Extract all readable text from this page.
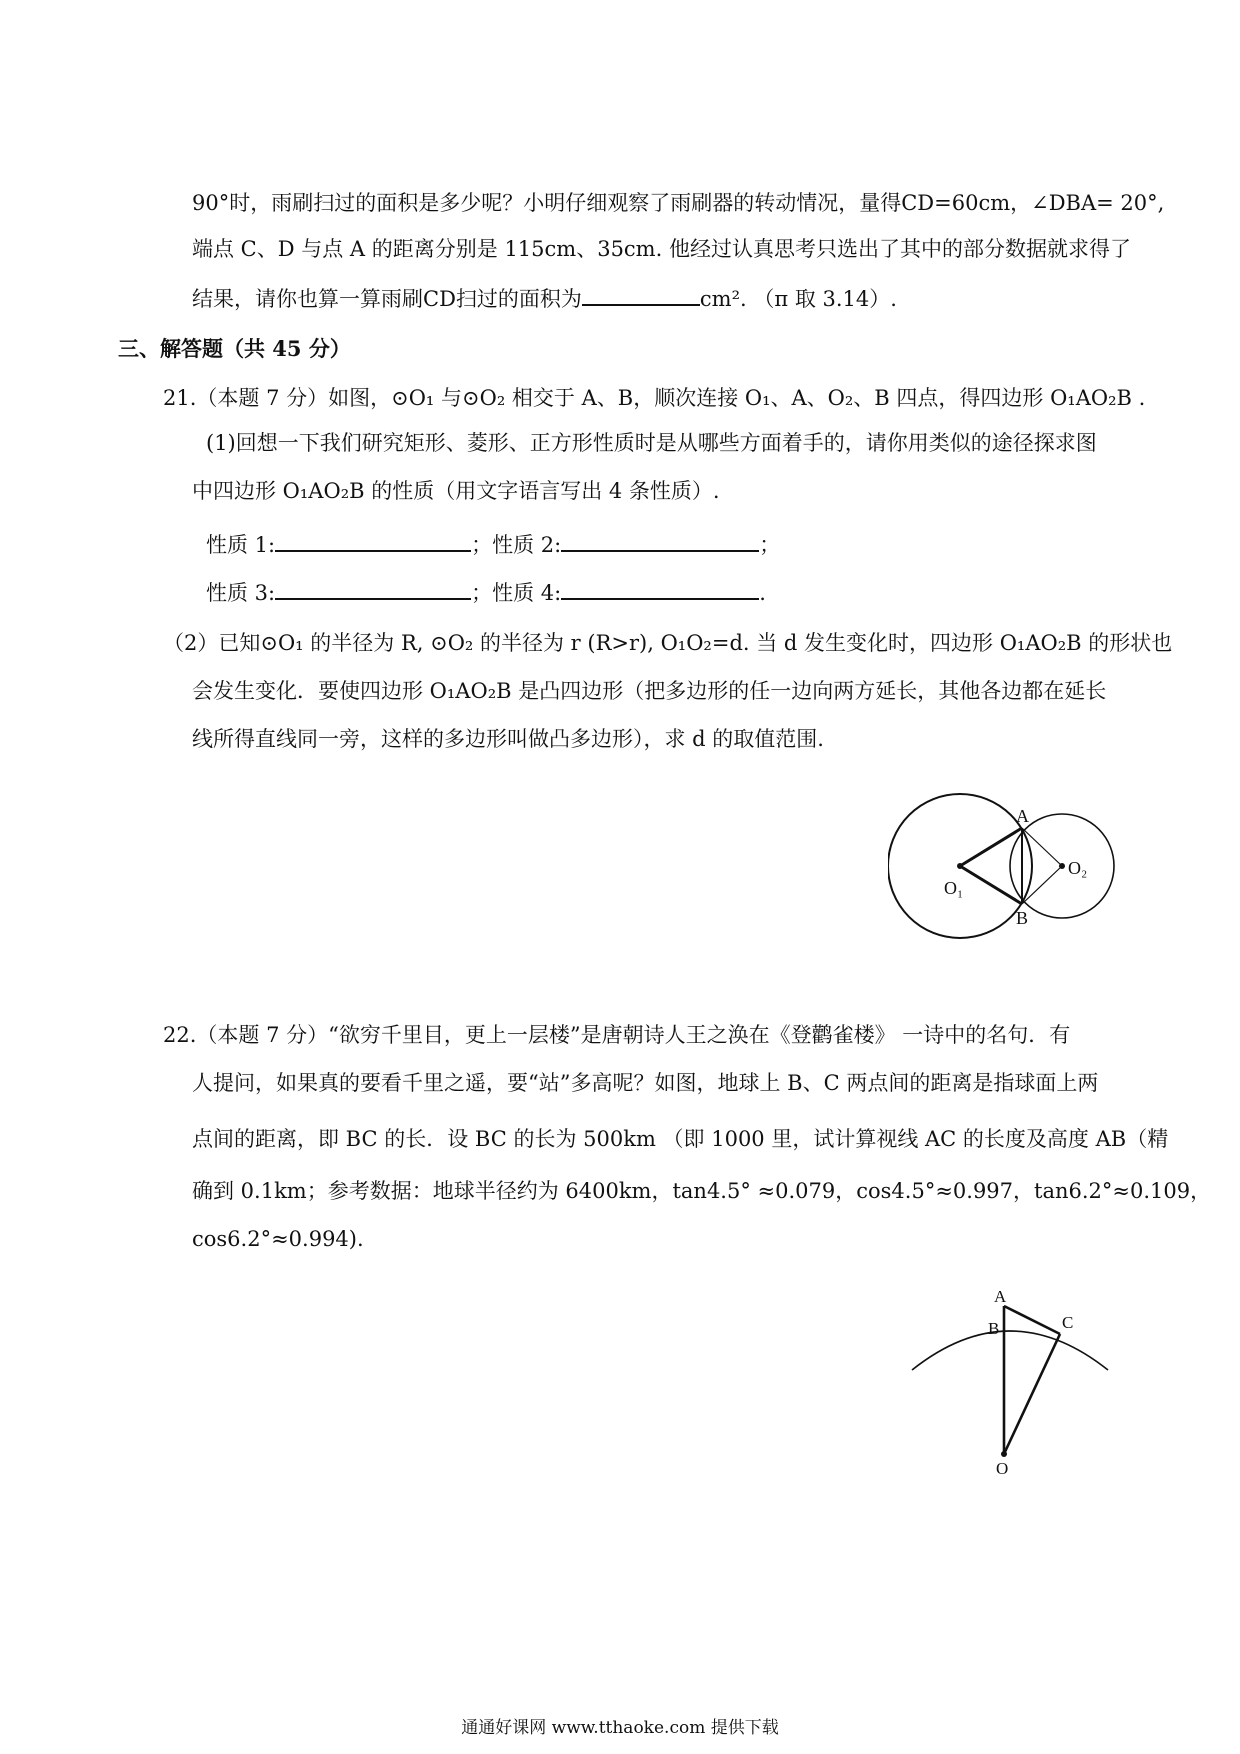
90°时，雨刷扫过的面积是多少呢？小明仔细观察了雨刷器的转动情况，量得CD=60cm，∠DBA= 20°,
端点 C、D 与点 A 的距离分别是 115cm、35cm. 他经过认真思考只选出了其中的部分数据就求得了
结果，请你也算一算雨刷CD扫过的面积为	cm². （π 取 3.14）.
三、解答题（共 45 分）
21.（本题 7 分）如图，⊙O₁ 与⊙O₂ 相交于 A、B，顺次连接 O₁、A、O₂、B 四点，得四边形 O₁AO₂B .
(1)回想一下我们研究矩形、菱形、正方形性质时是从哪些方面着手的，请你用类似的途径探求图
中四边形 O₁AO₂B 的性质（用文字语言写出 4 条性质）.
性质 1:	；性质 2:	；
性质 3:	；性质 4:	.
（2）已知⊙O₁ 的半径为 R, ⊙O₂ 的半径为 r (R>r), O₁O₂=d. 当 d 发生变化时，四边形 O₁AO₂B 的形状也
会发生变化．要使四边形 O₁AO₂B 是凸四边形（把多边形的任一边向两方延长，其他各边都在延长
线所得直线同一旁，这样的多边形叫做凸多边形），求 d 的取值范围.
A
B
O₁
O₂
22.（本题 7 分）“欲穷千里目，更上一层楼”是唐朝诗人王之涣在《登鹳雀楼》 一诗中的名句．有
人提问，如果真的要看千里之遥，要“站”多高呢？如图，地球上 B、C 两点间的距离是指球面上两
点间的距离，即 BC 的长．设 BC 的长为 500km （即 1000 里，试计算视线 AC 的长度及高度 AB（精
确到 0.1km；参考数据：地球半径约为 6400km，tan4.5° ≈0.079，cos4.5°≈0.997，tan6.2°≈0.109，
cos6.2°≈0.994).
A
B	C
O
通通好课网 www.tthaoke.com 提供下载
